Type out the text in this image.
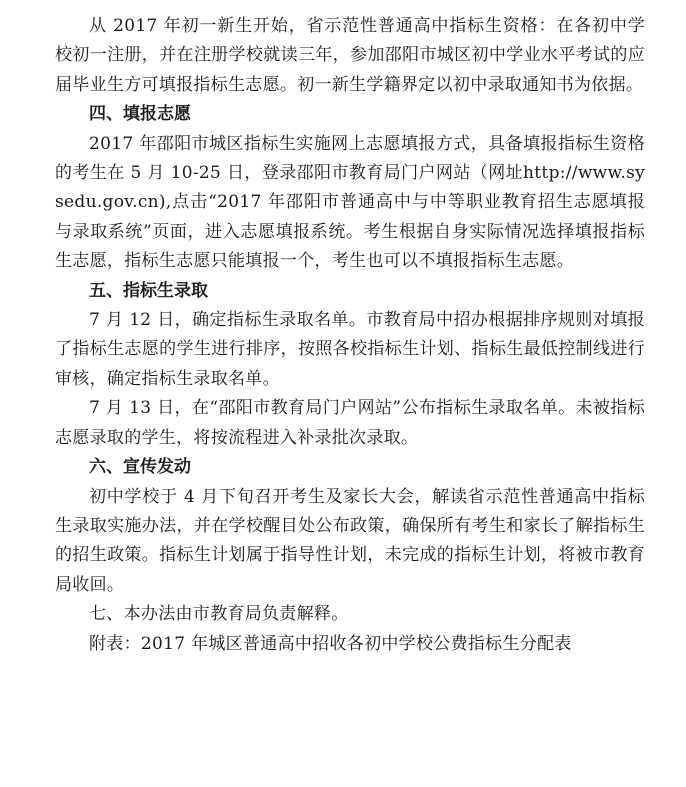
从 2017 年初一新生开始，省示范性普通高中指标生资格：在各初中学校初一注册，并在注册学校就读三年，参加邵阳市城区初中学业水平考试的应届毕业生方可填报指标生志愿。初一新生学籍界定以初中录取通知书为依据。

四、填报志愿

2017 年邵阳市城区指标生实施网上志愿填报方式，具备填报指标生资格的考生在 5 月 10-25 日，登录邵阳市教育局门户网站（网址http://www.sysedu.gov.cn),点击“2017 年邵阳市普通高中与中等职业教育招生志愿填报与录取系统”页面，进入志愿填报系统。考生根据自身实际情况选择填报指标生志愿，指标生志愿只能填报一个，考生也可以不填报指标生志愿。

五、指标生录取

7 月 12 日，确定指标生录取名单。市教育局中招办根据排序规则对填报了指标生志愿的学生进行排序，按照各校指标生计划、指标生最低控制线进行审核，确定指标生录取名单。

7 月 13 日，在“邵阳市教育局门户网站”公布指标生录取名单。未被指标志愿录取的学生，将按流程进入补录批次录取。

六、宣传发动

初中学校于 4 月下旬召开考生及家长大会，解读省示范性普通高中指标生录取实施办法，并在学校醒目处公布政策，确保所有考生和家长了解指标生的招生政策。指标生计划属于指导性计划，未完成的指标生计划，将被市教育局收回。

七、本办法由市教育局负责解释。

附表：2017 年城区普通高中招收各初中学校公费指标生分配表
